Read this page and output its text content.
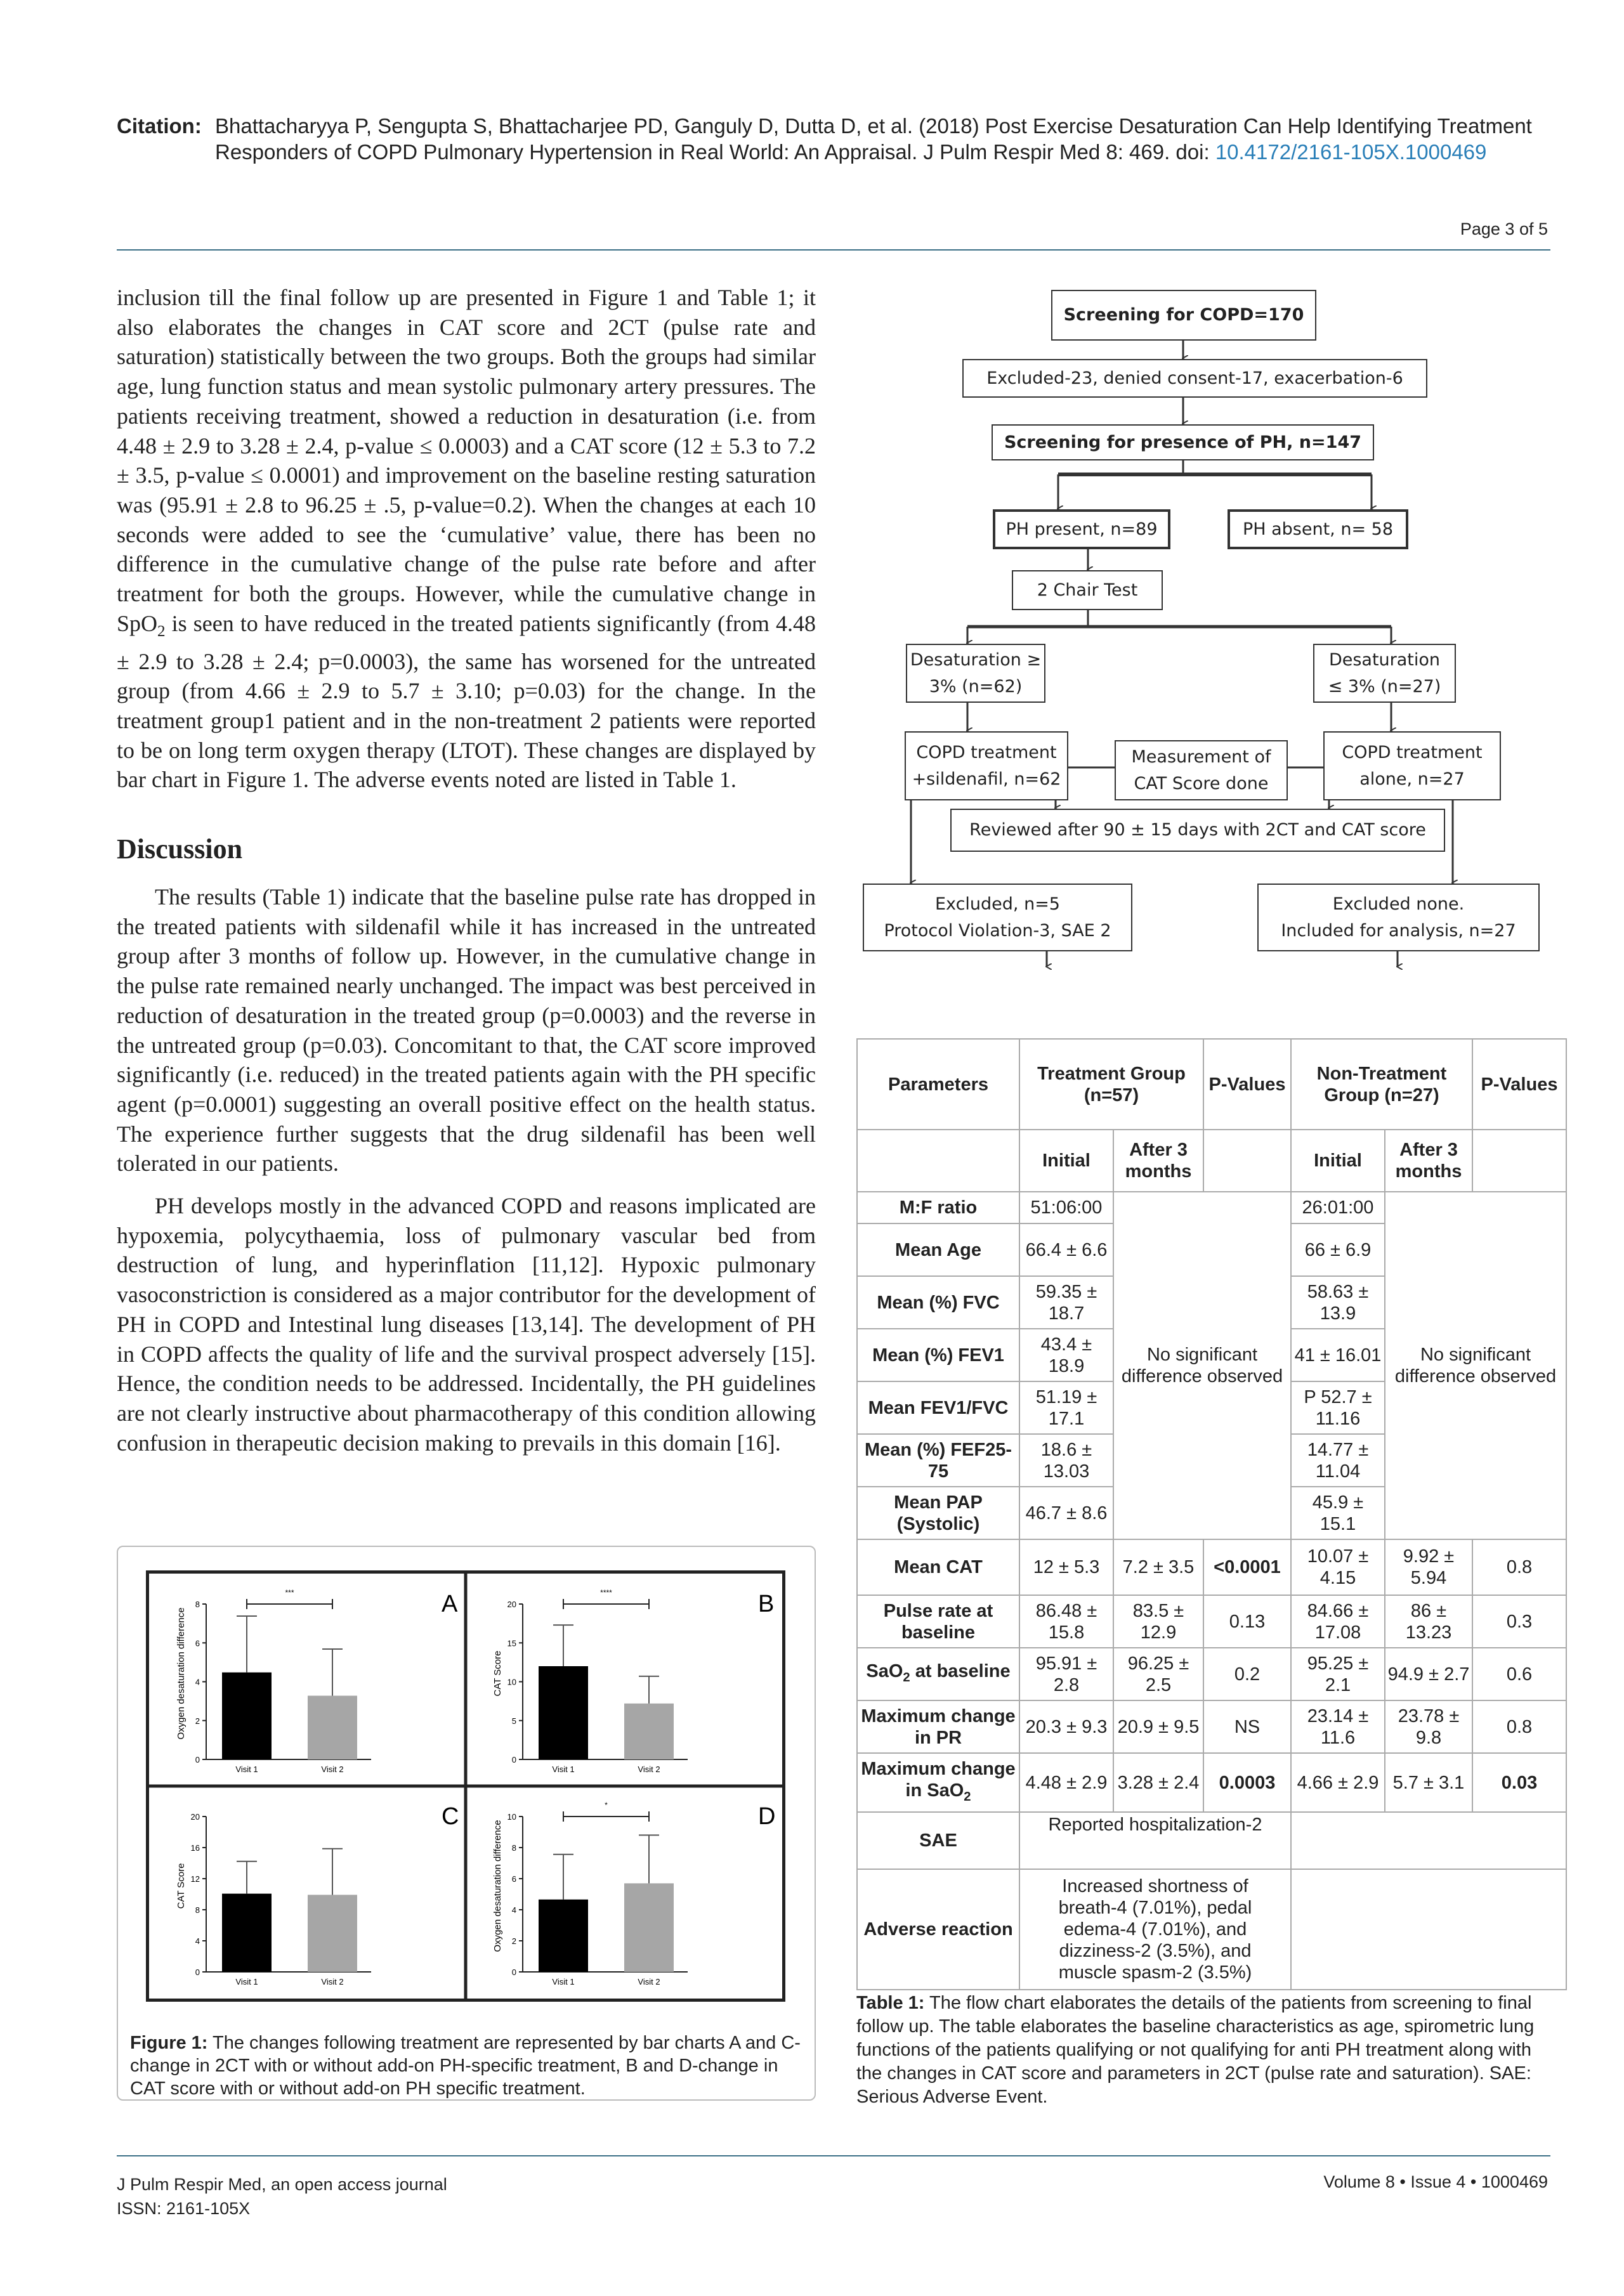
Citation: Bhattacharyya P, Sengupta S, Bhattacharjee PD, Ganguly D, Dutta D, et al. (2018) Post Exercise Desaturation Can Help Identifying Treatment Responders of COPD Pulmonary Hypertension in Real World: An Appraisal. J Pulm Respir Med 8: 469. doi: 10.4172/2161-105X.1000469
Page 3 of 5

inclusion till the final follow up are presented in Figure 1 and Table 1; it also elaborates the changes in CAT score and 2CT (pulse rate and saturation) statistically between the two groups. Both the groups had similar age, lung function status and mean systolic pulmonary artery pressures. The patients receiving treatment, showed a reduction in desaturation (i.e. from 4.48 ± 2.9 to 3.28 ± 2.4, p-value ≤ 0.0003) and a CAT score (12 ± 5.3 to 7.2 ± 3.5, p-value ≤ 0.0001) and improvement on the baseline resting saturation was (95.91 ± 2.8 to 96.25 ± .5, p-value=0.2). When the changes at each 10 seconds were added to see the ‘cumulative’ value, there has been no difference in the cumulative change of the pulse rate before and after treatment for both the groups. However, while the cumulative change in SpO$_2$ is seen to have reduced in the treated patients significantly (from 4.48 ± 2.9 to 3.28 ± 2.4; p=0.0003), the same has worsened for the untreated group (from 4.66 ± 2.9 to 5.7 ± 3.10; p=0.03) for the change. In the treatment group1 patient and in the non-treatment 2 patients were reported to be on long term oxygen therapy (LTOT). These changes are displayed by bar chart in Figure 1. The adverse events noted are listed in Table 1.

Discussion

The results (Table 1) indicate that the baseline pulse rate has dropped in the treated patients with sildenafil while it has increased in the untreated group after 3 months of follow up. However, in the cumulative change in the pulse rate remained nearly unchanged. The impact was best perceived in reduction of desaturation in the treated group (p=0.0003) and the reverse in the untreated group (p=0.03). Concomitant to that, the CAT score improved significantly (i.e. reduced) in the treated patients again with the PH specific agent (p=0.0001) suggesting an overall positive effect on the health status. The experience further suggests that the drug sildenafil has been well tolerated in our patients.

PH develops mostly in the advanced COPD and reasons implicated are hypoxemia, polycythaemia, loss of pulmonary vascular bed from destruction of lung, and hyperinflation [11,12]. Hypoxic pulmonary vasoconstriction is considered as a major contributor for the development of PH in COPD and Intestinal lung diseases [13,14]. The development of PH in COPD affects the quality of life and the survival prospect adversely [15]. Hence, the condition needs to be addressed. Incidentally, the PH guidelines are not clearly instructive about pharmacotherapy of this condition allowing confusion in therapeutic decision making to prevails in this domain [16].

Screening for COPD=170
Excluded-23, denied consent-17, exacerbation-6
Screening for presence of PH, n=147
PH present, n=89	PH absent, n= 58
2 Chair Test
Desaturation ≥
3% (n=62)
Desaturation
≤ 3% (n=27)
COPD treatment
+sildenafil, n=62
Measurement of
CAT Score done
COPD treatment
alone, n=27
Reviewed after 90 ± 15 days with 2CT and CAT score
Excluded, n=5
Protocol Violation-3, SAE 2
Excluded none.
Included for analysis, n=27
Parameters	Treatment Group (n=57)		P-Values	Non-Treatment Group (n=27)		P-Values
	Initial	After 3 months		Initial	After 3 months	
M:F ratio	51:06:00	No significant difference observed		26:01:00	No significant difference observed	
Mean Age	66.4 ± 6.6			66 ± 6.9		
Mean (%) FVC	59.35 ± 18.7			58.63 ± 13.9		
Mean (%) FEV1	43.4 ± 18.9			41 ± 16.01		
Mean FEV1/FVC	51.19 ± 17.1			P 52.7 ± 11.16		
Mean (%) FEF25-75	18.6 ± 13.03			14.77 ± 11.04		
Mean PAP (Systolic)	46.7 ± 8.6			45.9 ± 15.1		
Mean CAT	12 ± 5.3	7.2 ± 3.5	<0.0001	10.07 ± 4.15	9.92 ± 5.94	0.8
Pulse rate at baseline	86.48 ± 15.8	83.5 ± 12.9	0.13	84.66 ± 17.08	86 ± 13.23	0.3
SaO$_2$ at baseline	95.91 ± 2.8	96.25 ± 2.5	0.2	95.25 ± 2.1	94.9 ± 2.7	0.6
Maximum change in PR	20.3 ± 9.3	20.9 ± 9.5	NS	23.14 ± 11.6	23.78 ± 9.8	0.8
Maximum change in SaO$_2$	4.48 ± 2.9	3.28 ± 2.4	0.0003	4.66 ± 2.9	5.7 ± 3.1	0.03
SAE	Reported hospitalization-2					
Adverse reaction	Increased shortness of breath-4 (7.01%), pedal edema-4 (7.01%), and dizziness-2 (3.5%), and muscle spasm-2 (3.5%)					
Table 1: The flow chart elaborates the details of the patients from screening to final follow up. The table elaborates the baseline characteristics as age, spirometric lung functions of the patients qualifying or not qualifying for anti PH treatment along with the changes in CAT score and parameters in 2CT (pulse rate and saturation). SAE: Serious Adverse Event.
0
2
4
6
8
Oxygen desaturation difference
Visit 1	Visit 2
***	A
0
5
10
15
20
CAT Score
Visit 1	Visit 2
****	B
0
4
8
12
16
20
CAT Score
Visit 1	Visit 2
C
0
2
4
6
8
10
Oxygen desaturation difference
Visit 1	Visit 2
*	D
Figure 1: The changes following treatment are represented by bar charts A and C-change in 2CT with or without add-on PH-specific treatment, B and D-change in CAT score with or without add-on PH specific treatment.
J Pulm Respir Med, an open access journal
ISSN: 2161-105X
Volume 8 • Issue 4 • 1000469
